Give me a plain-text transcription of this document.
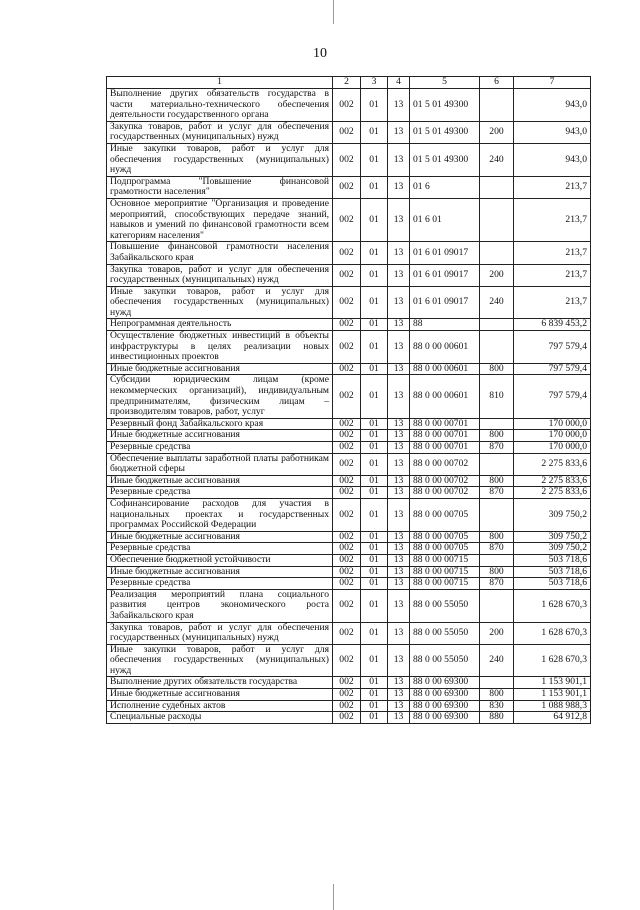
10
1	2	3	4	5	6	7
Выполнение других обязательств государства в части материально-технического обеспечения деятельности государственного органа	002	01	13	01 5 01 49300		943,0
Закупка товаров, работ и услуг для обеспечения государственных (муниципальных) нужд	002	01	13	01 5 01 49300	200	943,0
Иные закупки товаров, работ и услуг для обеспечения государственных (муниципальных) нужд	002	01	13	01 5 01 49300	240	943,0
Подпрограмма "Повышение финансовой грамотности населения"	002	01	13	01 6		213,7
Основное мероприятие "Организация и проведение мероприятий, способствующих передаче знаний, навыков и умений по финансовой грамотности всем категориям населения"	002	01	13	01 6 01		213,7
Повышение финансовой грамотности населения Забайкальского края	002	01	13	01 6 01 09017		213,7
Закупка товаров, работ и услуг для обеспечения государственных (муниципальных) нужд	002	01	13	01 6 01 09017	200	213,7
Иные закупки товаров, работ и услуг для обеспечения государственных (муниципальных) нужд	002	01	13	01 6 01 09017	240	213,7
Непрограммная деятельность	002	01	13	88		6 839 453,2
Осуществление бюджетных инвестиций в объекты инфраструктуры в целях реализации новых инвестиционных проектов	002	01	13	88 0 00 00601		797 579,4
Иные бюджетные ассигнования	002	01	13	88 0 00 00601	800	797 579,4
Субсидии юридическим лицам (кроме некоммерческих организаций), индивидуальным предпринимателям, физическим лицам – производителям товаров, работ, услуг	002	01	13	88 0 00 00601	810	797 579,4
Резервный фонд Забайкальского края	002	01	13	88 0 00 00701		170 000,0
Иные бюджетные ассигнования	002	01	13	88 0 00 00701	800	170 000,0
Резервные средства	002	01	13	88 0 00 00701	870	170 000,0
Обеспечение выплаты заработной платы работникам бюджетной сферы	002	01	13	88 0 00 00702		2 275 833,6
Иные бюджетные ассигнования	002	01	13	88 0 00 00702	800	2 275 833,6
Резервные средства	002	01	13	88 0 00 00702	870	2 275 833,6
Софинансирование расходов для участия в национальных проектах и государственных программах Российской Федерации	002	01	13	88 0 00 00705		309 750,2
Иные бюджетные ассигнования	002	01	13	88 0 00 00705	800	309 750,2
Резервные средства	002	01	13	88 0 00 00705	870	309 750,2
Обеспечение бюджетной устойчивости	002	01	13	88 0 00 00715		503 718,6
Иные бюджетные ассигнования	002	01	13	88 0 00 00715	800	503 718,6
Резервные средства	002	01	13	88 0 00 00715	870	503 718,6
Реализация мероприятий плана социального развития центров экономического роста Забайкальского края	002	01	13	88 0 00 55050		1 628 670,3
Закупка товаров, работ и услуг для обеспечения государственных (муниципальных) нужд	002	01	13	88 0 00 55050	200	1 628 670,3
Иные закупки товаров, работ и услуг для обеспечения государственных (муниципальных) нужд	002	01	13	88 0 00 55050	240	1 628 670,3
Выполнение других обязательств государства	002	01	13	88 0 00 69300		1 153 901,1
Иные бюджетные ассигнования	002	01	13	88 0 00 69300	800	1 153 901,1
Исполнение судебных актов	002	01	13	88 0 00 69300	830	1 088 988,3
Специальные расходы	002	01	13	88 0 00 69300	880	64 912,8
